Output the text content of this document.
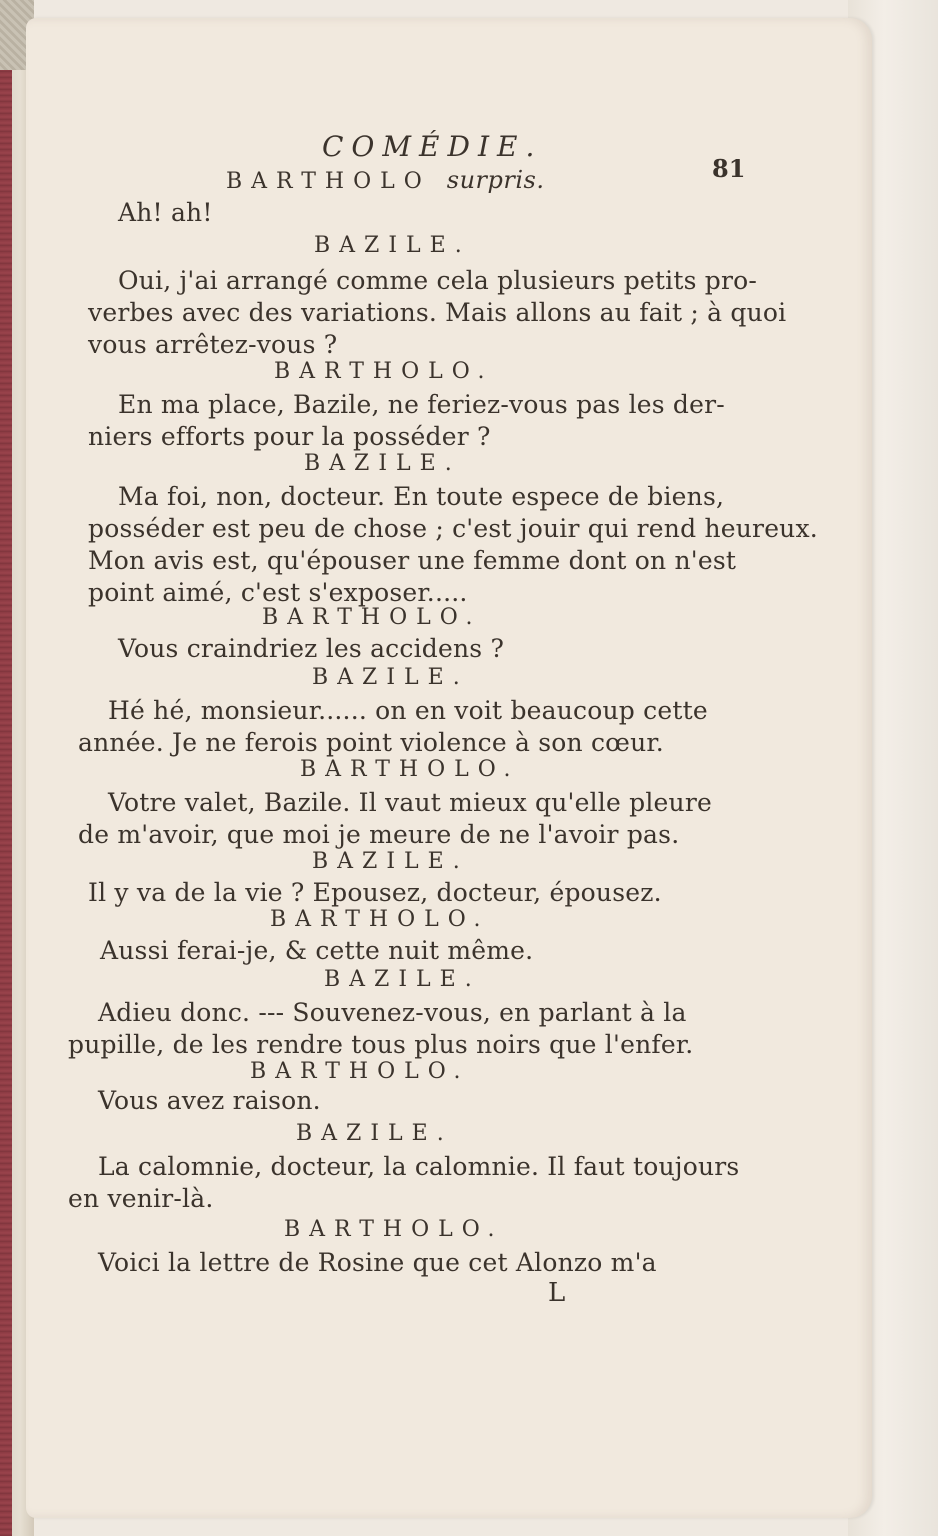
COMÉDIE.
81
BARTHOLO surpris.
Ah! ah!
BAZILE.
Oui, j'ai arrangé comme cela plusieurs petits pro-
verbes avec des variations. Mais allons au fait ; à quoi
vous arrêtez-vous ?
BARTHOLO.
En ma place, Bazile, ne feriez-vous pas les der-
niers efforts pour la posséder ?
BAZILE.
Ma foi, non, docteur. En toute espece de biens,
posséder est peu de chose ; c'est jouir qui rend heureux.
Mon avis est, qu'épouser une femme dont on n'est
point aimé, c'est s'exposer.....
BARTHOLO.
Vous craindriez les accidens ?
BAZILE.
Hé hé, monsieur...... on en voit beaucoup cette
année. Je ne ferois point violence à son cœur.
BARTHOLO.
Votre valet, Bazile. Il vaut mieux qu'elle pleure
de m'avoir, que moi je meure de ne l'avoir pas.
BAZILE.
Il y va de la vie ? Epousez, docteur, épousez.
BARTHOLO.
Aussi ferai-je, & cette nuit même.
BAZILE.
Adieu donc. --- Souvenez-vous, en parlant à la
pupille, de les rendre tous plus noirs que l'enfer.
BARTHOLO.
Vous avez raison.
BAZILE.
La calomnie, docteur, la calomnie. Il faut toujours
en venir-là.
BARTHOLO.
Voici la lettre de Rosine que cet Alonzo m'a
L
